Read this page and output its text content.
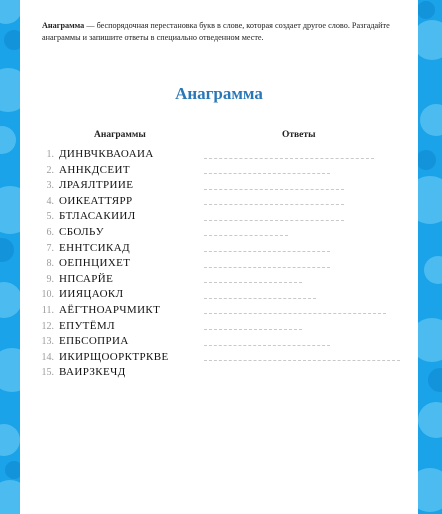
Анаграмма — беспорядочная перестановка букв в слове, которая создает другое слово. Разгадайте анаграммы и запишите ответы в специально отведенном месте.
Анаграмма
Анаграммы	Ответы
1. ДИНВЧКВАОАИА
2. АННКДСЕИТ
3. ЛРАЯЛТРИИЕ
4. ОИКЕАТТЯРР
5. БТЛАСАКИИЛ
6. СБОЛЬУ
7. ЕННТСИКАД
8. ОЕПНЦИХЕТ
9. НПСАРЙЕ
10. ИИЯЦАОКЛ
11. АЁГТНОАРЧМИКТ
12. ЕПУТЁМЛ
13. ЕПБСОПРИА
14. ИКИРЩООРКТРКВЕ
15. ВАИРЗКЕЧД
